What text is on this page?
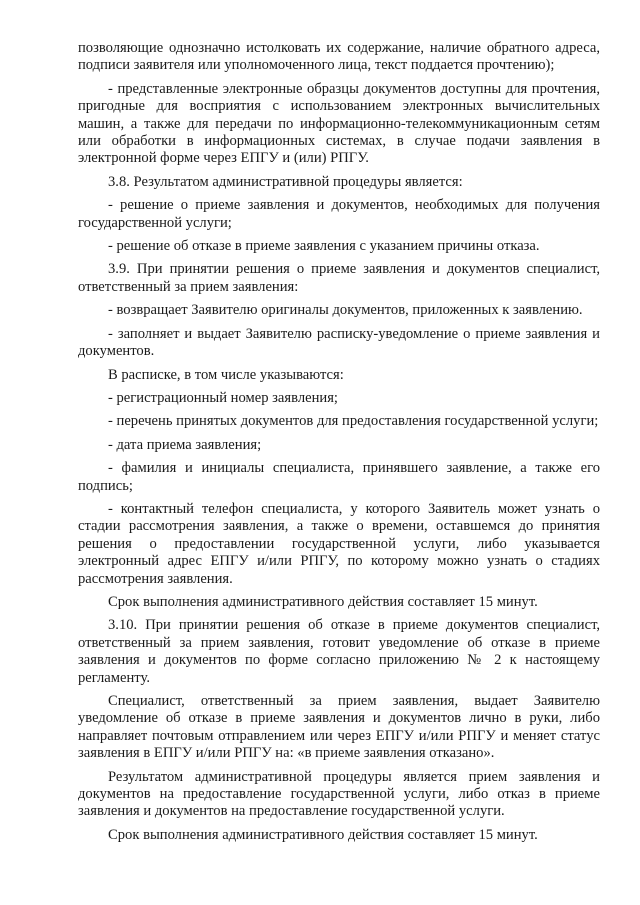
позволяющие однозначно истолковать их содержание, наличие обратного адреса, подписи заявителя или уполномоченного лица, текст поддается прочтению);

- представленные электронные образцы документов доступны для прочтения, пригодные для восприятия с использованием электронных вычислительных машин, а также для передачи по информационно-телекоммуникационным сетям или обработки в информационных системах, в случае подачи заявления в электронной форме через ЕПГУ и (или) РПГУ.

3.8. Результатом административной процедуры является:

- решение о приеме заявления и документов, необходимых для получения государственной услуги;

- решение об отказе в приеме заявления с указанием причины отказа.

3.9. При принятии решения о приеме заявления и документов специалист, ответственный за прием заявления:

- возвращает Заявителю оригиналы документов, приложенных к заявлению.

- заполняет и выдает Заявителю расписку-уведомление о приеме заявления и документов.

В расписке, в том числе указываются:

- регистрационный номер заявления;

- перечень принятых документов для предоставления государственной услуги;

- дата приема заявления;

- фамилия и инициалы специалиста, принявшего заявление, а также его подпись;

- контактный телефон специалиста, у которого Заявитель может узнать о стадии рассмотрения заявления, а также о времени, оставшемся до принятия решения о предоставлении государственной услуги, либо указывается электронный адрес ЕПГУ и/или РПГУ, по которому можно узнать о стадиях рассмотрения заявления.

Срок выполнения административного действия составляет 15 минут.

3.10. При принятии решения об отказе в приеме документов специалист, ответственный за прием заявления, готовит уведомление об отказе в приеме заявления и документов по форме согласно приложению № 2 к настоящему регламенту.

Специалист, ответственный за прием заявления, выдает Заявителю уведомление об отказе в приеме заявления и документов лично в руки, либо направляет почтовым отправлением или через ЕПГУ и/или РПГУ и меняет статус заявления в ЕПГУ и/или РПГУ на: «в приеме заявления отказано».

Результатом административной процедуры является прием заявления и документов на предоставление государственной услуги, либо отказ в приеме заявления и документов на предоставление государственной услуги.

Срок выполнения административного действия составляет 15 минут.
